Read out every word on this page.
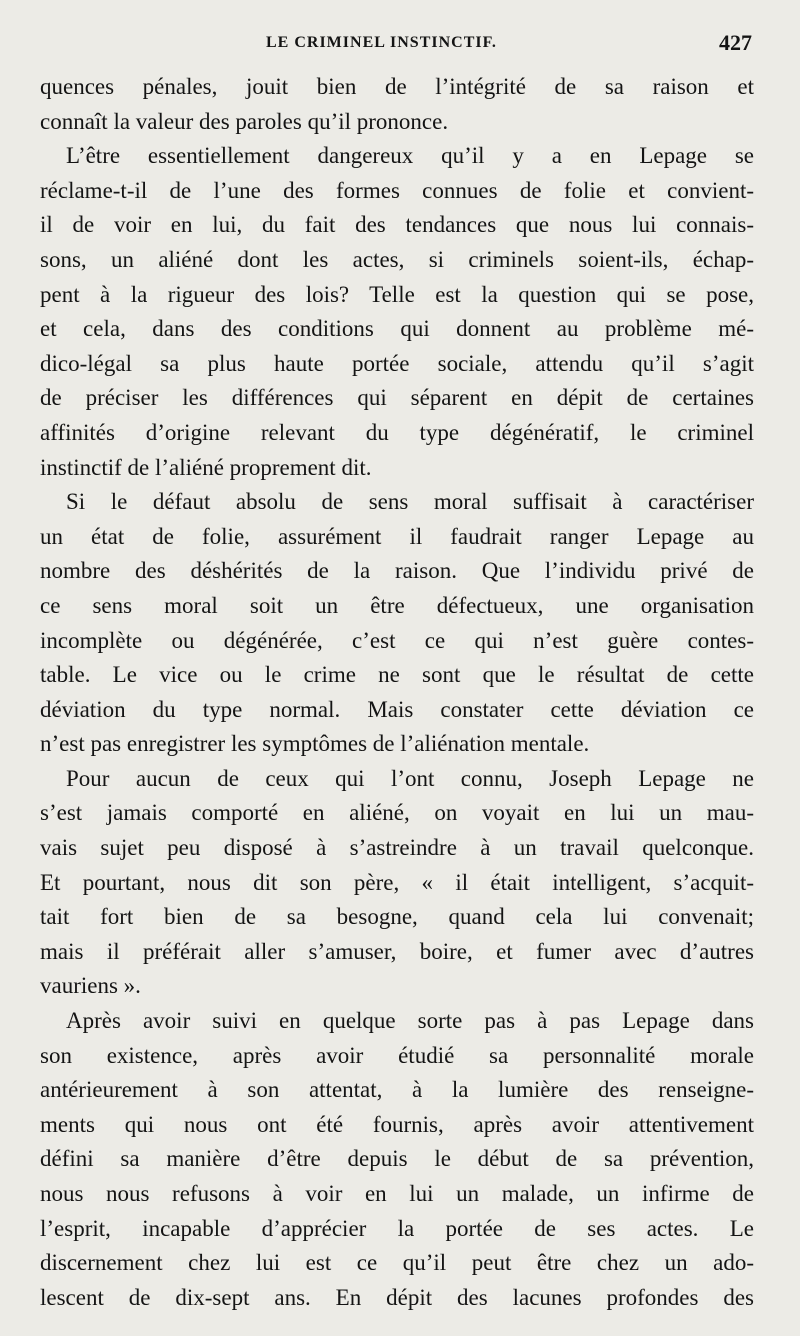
LE CRIMINEL INSTINCTIF.	427
quences pénales, jouit bien de l’intégrité de sa raison et
connaît la valeur des paroles qu’il prononce.
L’être essentiellement dangereux qu’il y a en Lepage se
réclame-t-il de l’une des formes connues de folie et convient-
il de voir en lui, du fait des tendances que nous lui connais-
sons, un aliéné dont les actes, si criminels soient-ils, échap-
pent à la rigueur des lois? Telle est la question qui se pose,
et cela, dans des conditions qui donnent au problème mé-
dico-légal sa plus haute portée sociale, attendu qu’il s’agit
de préciser les différences qui séparent en dépit de certaines
affinités d’origine relevant du type dégénératif, le criminel
instinctif de l’aliéné proprement dit.
Si le défaut absolu de sens moral suffisait à caractériser
un état de folie, assurément il faudrait ranger Lepage au
nombre des déshérités de la raison. Que l’individu privé de
ce sens moral soit un être défectueux, une organisation
incomplète ou dégénérée, c’est ce qui n’est guère contes-
table. Le vice ou le crime ne sont que le résultat de cette
déviation du type normal. Mais constater cette déviation ce
n’est pas enregistrer les symptômes de l’aliénation mentale.
Pour aucun de ceux qui l’ont connu, Joseph Lepage ne
s’est jamais comporté en aliéné, on voyait en lui un mau-
vais sujet peu disposé à s’astreindre à un travail quelconque.
Et pourtant, nous dit son père, « il était intelligent, s’acquit-
tait fort bien de sa besogne, quand cela lui convenait;
mais il préférait aller s’amuser, boire, et fumer avec d’autres
vauriens ».
Après avoir suivi en quelque sorte pas à pas Lepage dans
son existence, après avoir étudié sa personnalité morale
antérieurement à son attentat, à la lumière des renseigne-
ments qui nous ont été fournis, après avoir attentivement
défini sa manière d’être depuis le début de sa prévention,
nous nous refusons à voir en lui un malade, un infirme de
l’esprit, incapable d’apprécier la portée de ses actes. Le
discernement chez lui est ce qu’il peut être chez un ado-
lescent de dix-sept ans. En dépit des lacunes profondes des
